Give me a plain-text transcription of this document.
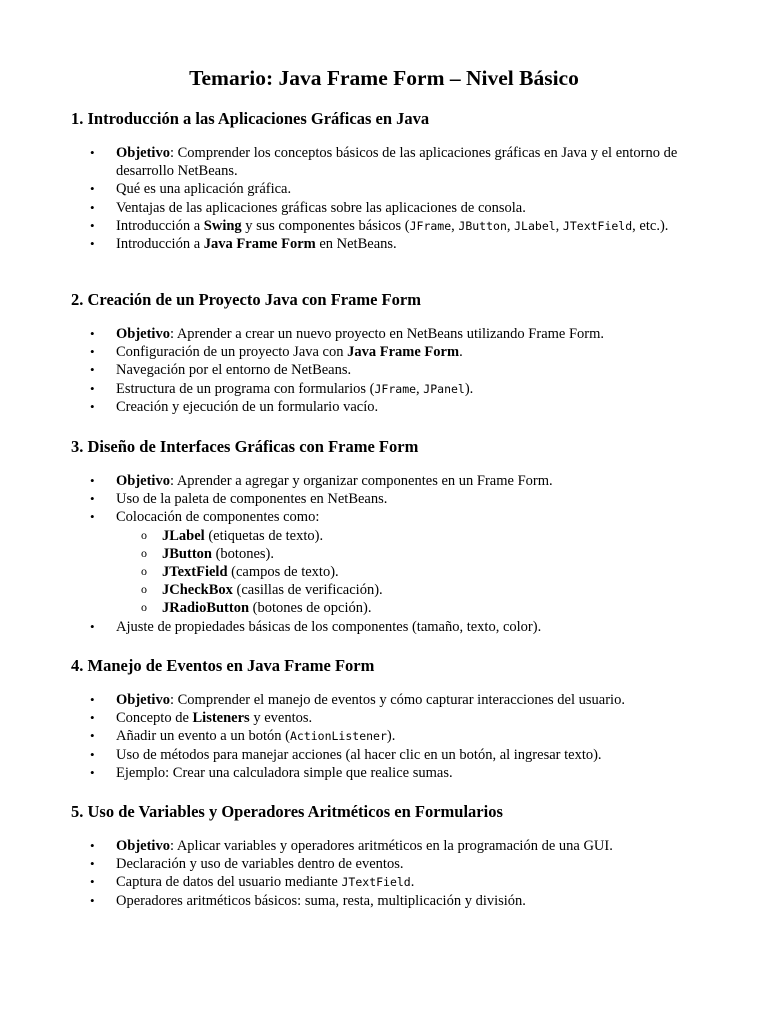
Temario: Java Frame Form – Nivel Básico
1. Introducción a las Aplicaciones Gráficas en Java
• Objetivo: Comprender los conceptos básicos de las aplicaciones gráficas en Java y el entorno de desarrollo NetBeans.
• Qué es una aplicación gráfica.
• Ventajas de las aplicaciones gráficas sobre las aplicaciones de consola.
• Introducción a Swing y sus componentes básicos (JFrame, JButton, JLabel, JTextField, etc.).
• Introducción a Java Frame Form en NetBeans.
2. Creación de un Proyecto Java con Frame Form
• Objetivo: Aprender a crear un nuevo proyecto en NetBeans utilizando Frame Form.
• Configuración de un proyecto Java con Java Frame Form.
• Navegación por el entorno de NetBeans.
• Estructura de un programa con formularios (JFrame, JPanel).
• Creación y ejecución de un formulario vacío.
3. Diseño de Interfaces Gráficas con Frame Form
• Objetivo: Aprender a agregar y organizar componentes en un Frame Form.
• Uso de la paleta de componentes en NetBeans.
• Colocación de componentes como:
o JLabel (etiquetas de texto).
o JButton (botones).
o JTextField (campos de texto).
o JCheckBox (casillas de verificación).
o JRadioButton (botones de opción).
• Ajuste de propiedades básicas de los componentes (tamaño, texto, color).
4. Manejo de Eventos en Java Frame Form
• Objetivo: Comprender el manejo de eventos y cómo capturar interacciones del usuario.
• Concepto de Listeners y eventos.
• Añadir un evento a un botón (ActionListener).
• Uso de métodos para manejar acciones (al hacer clic en un botón, al ingresar texto).
• Ejemplo: Crear una calculadora simple que realice sumas.
5. Uso de Variables y Operadores Aritméticos en Formularios
• Objetivo: Aplicar variables y operadores aritméticos en la programación de una GUI.
• Declaración y uso de variables dentro de eventos.
• Captura de datos del usuario mediante JTextField.
• Operadores aritméticos básicos: suma, resta, multiplicación y división.
